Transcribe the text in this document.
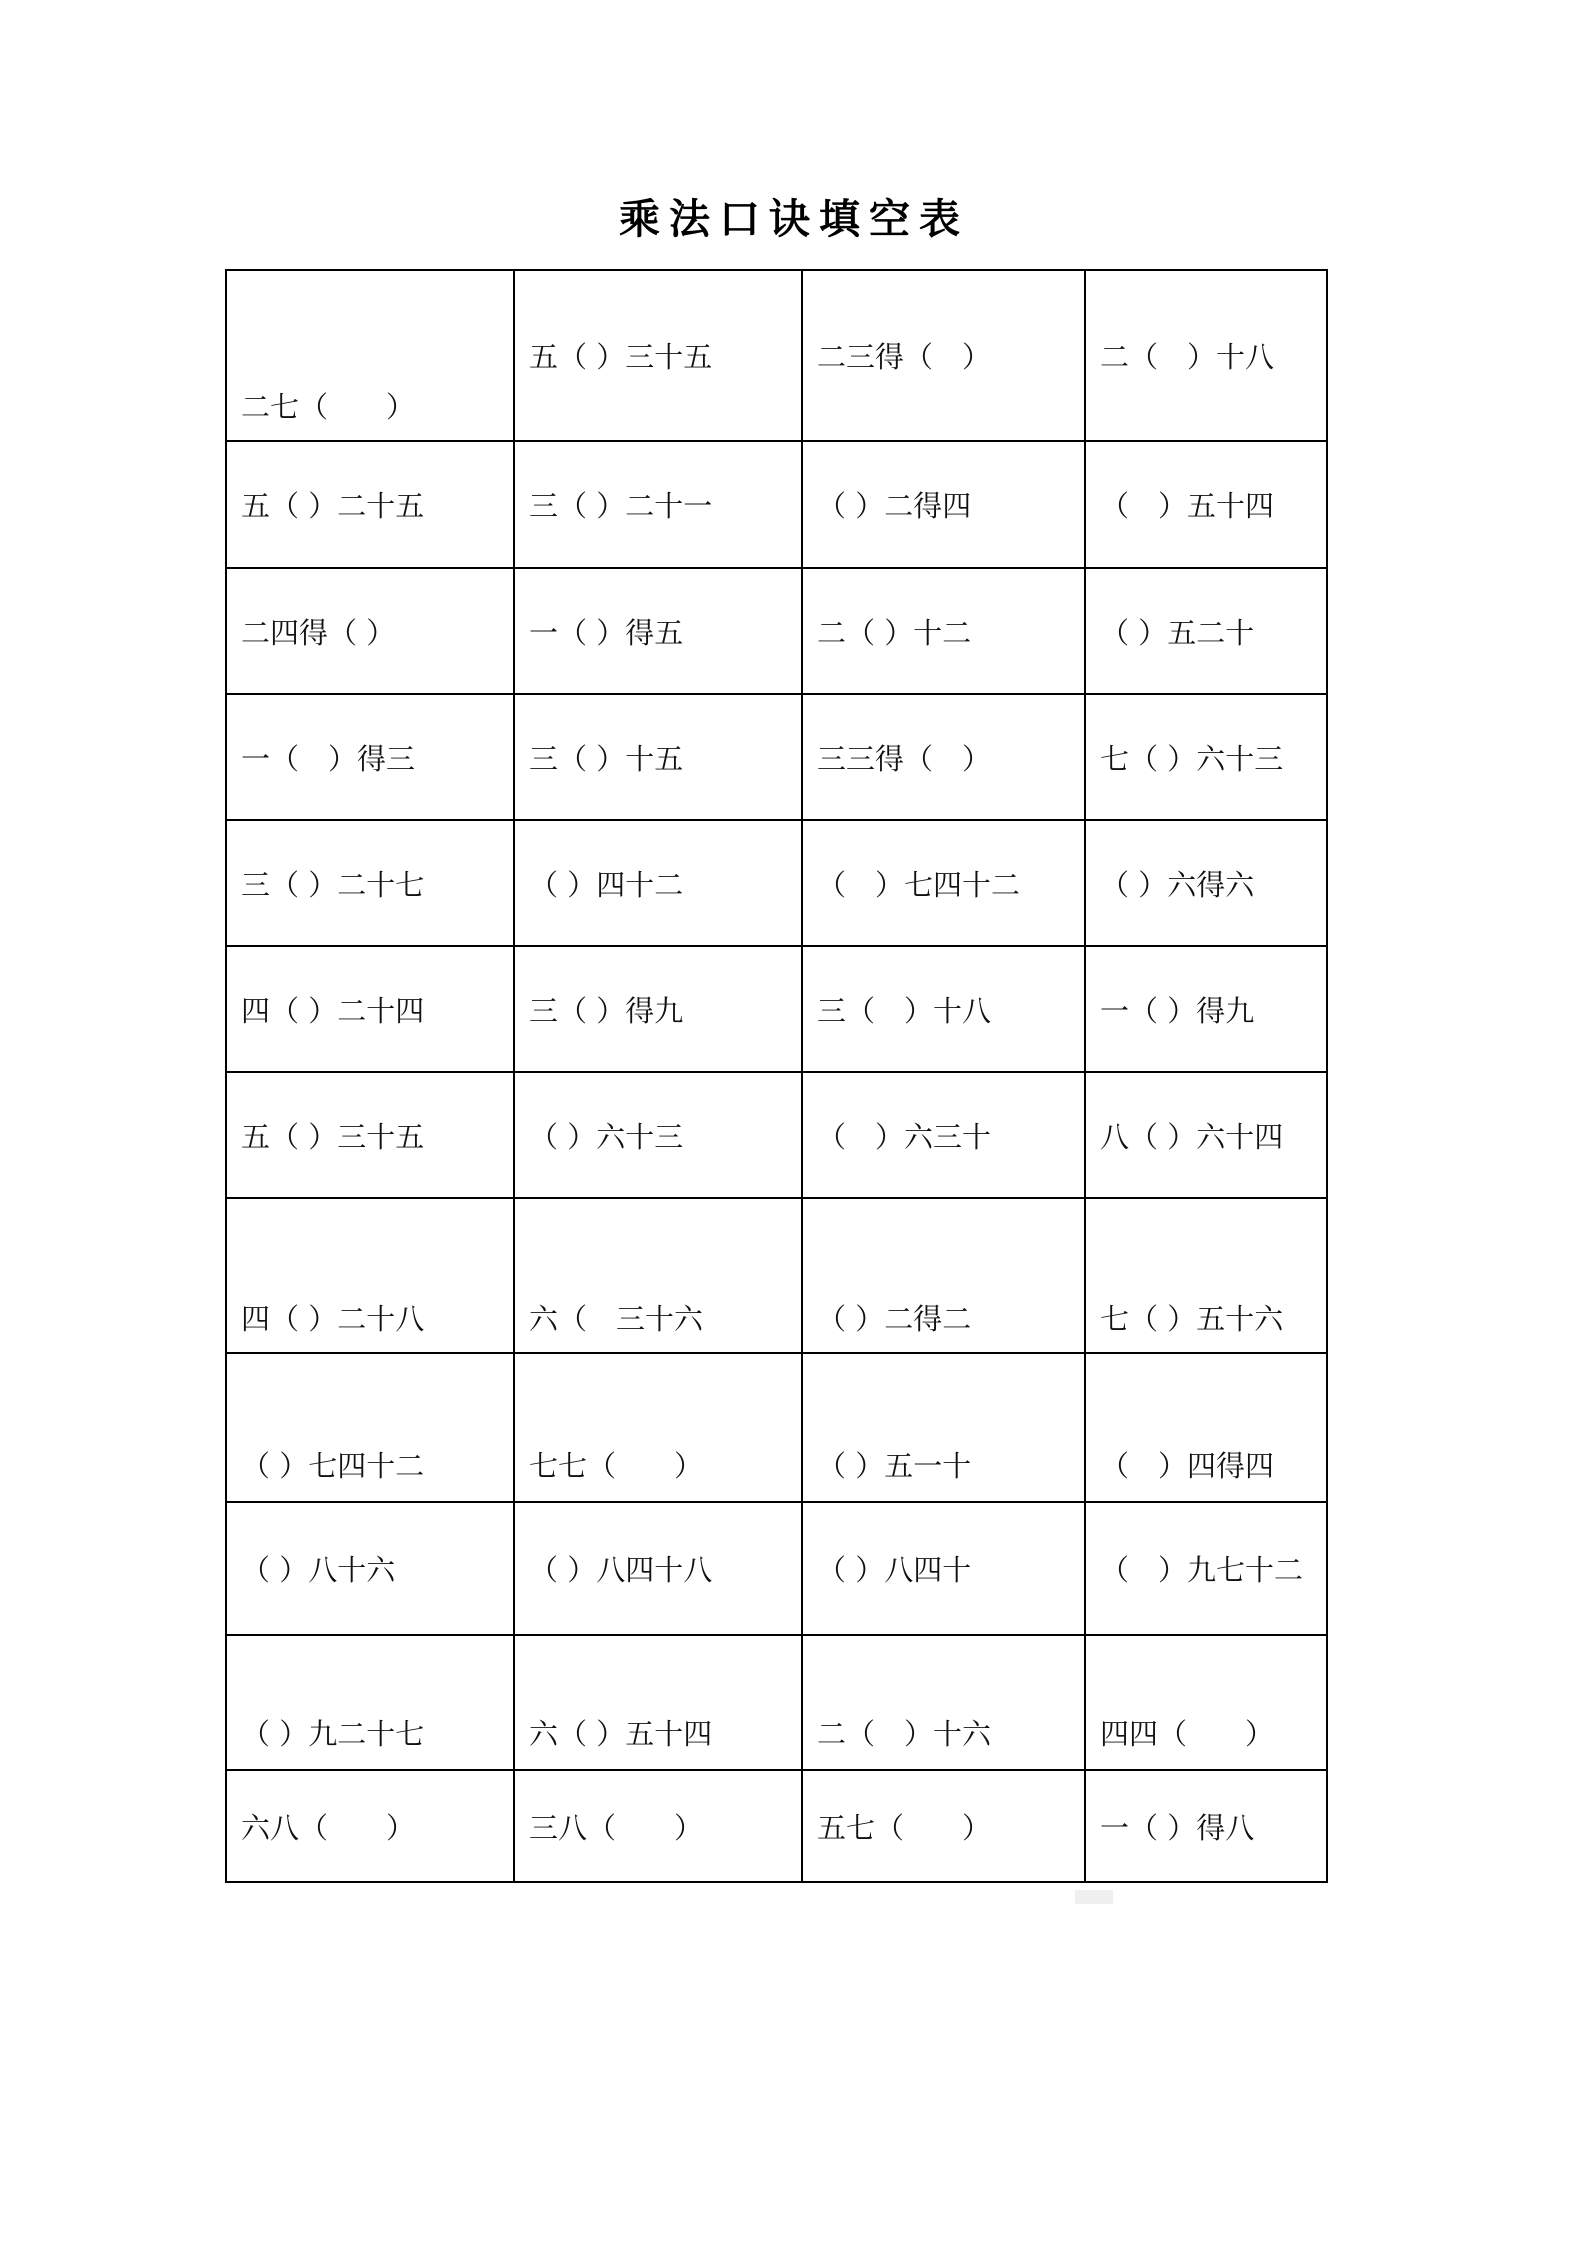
乘法口诀填空表
二七（　　）	五（ ）三十五	二三得（　）	二（　）十八
五（ ）二十五	三（ ）二十一	（ ）二得四	（　）五十四
二四得（ ）	一（ ）得五	二（ ）十二	（ ）五二十
一（　）得三	三（ ）十五	三三得（　）	七（ ）六十三
三（ ）二十七	（ ）四十二	（　）七四十二	（ ）六得六
四（ ）二十四	三（ ）得九	三（　）十八	一（ ）得九
五（ ）三十五	（ ）六十三	（　）六三十	八（ ）六十四
四（ ）二十八	六（　三十六	（ ）二得二	七（ ）五十六
（ ）七四十二	七七（　　）	（ ）五一十	（　）四得四
（ ）八十六	（ ）八四十八	（ ）八四十	（　）九七十二
（ ）九二十七	六（ ）五十四	二（　）十六	四四（　　）
六八（　　）	三八（　　）	五七（　　）	一（ ）得八
